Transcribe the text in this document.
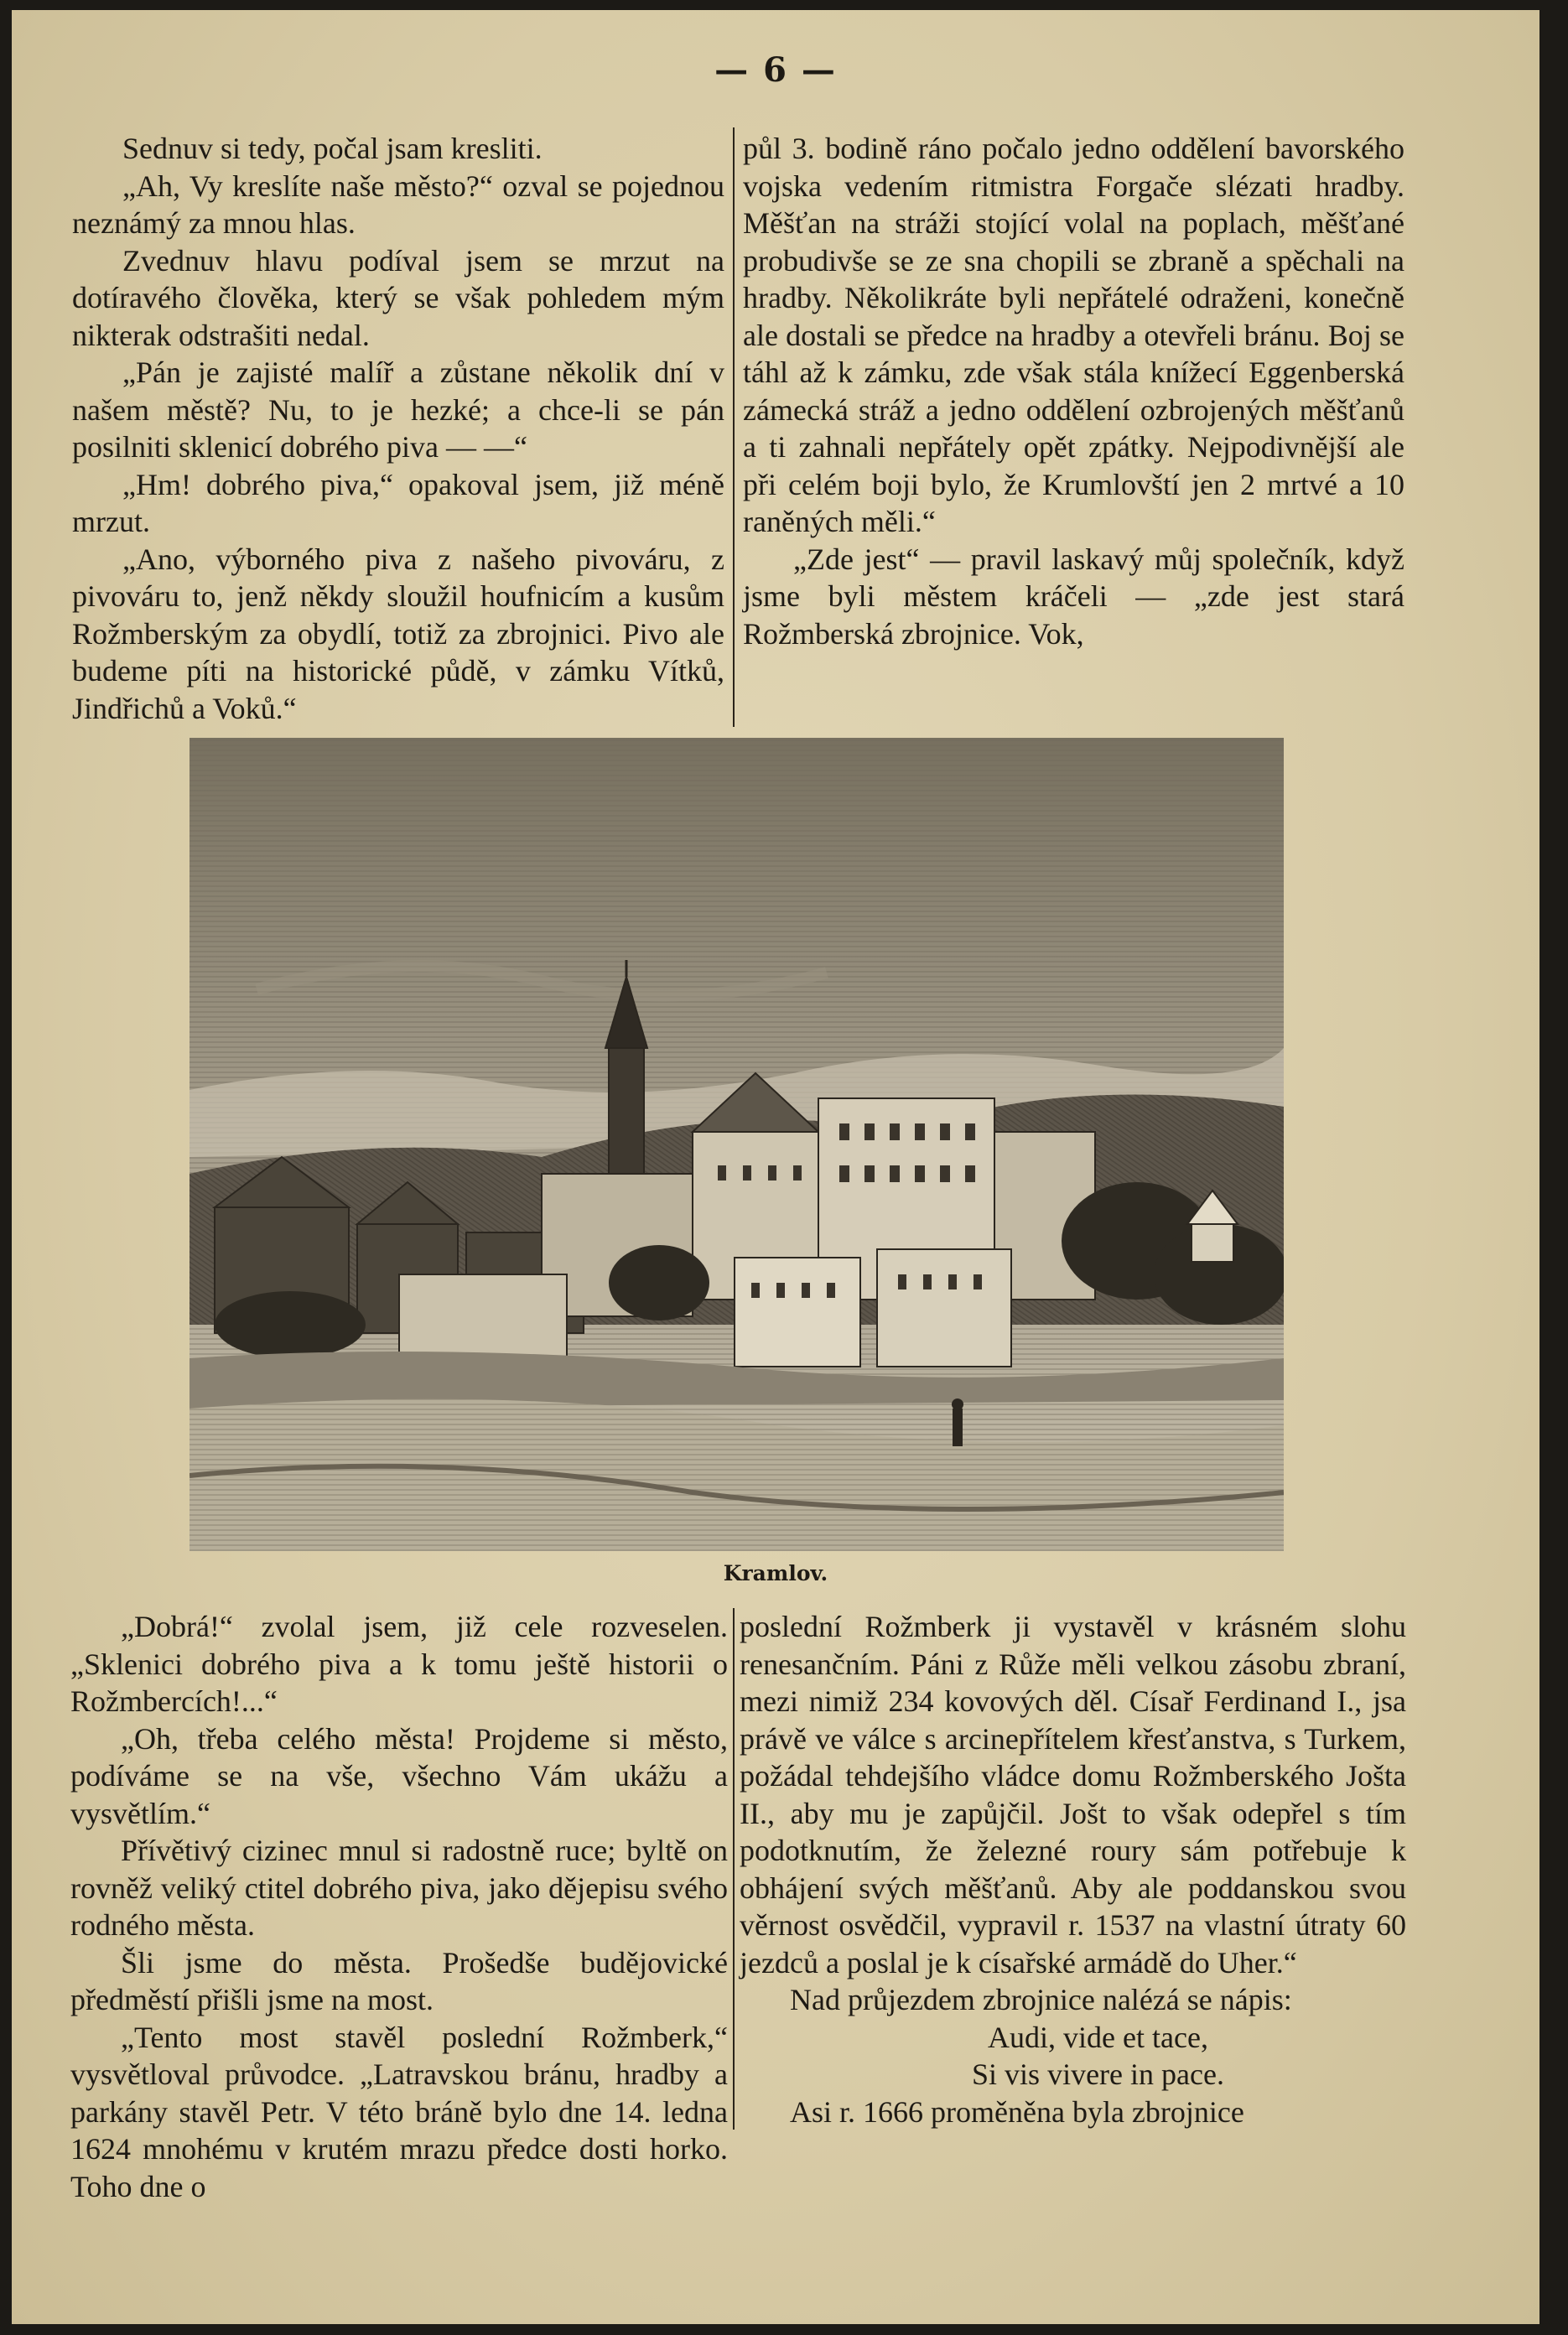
— 6 —

Sednuv si tedy, počal jsam kresliti.

„Ah, Vy kreslíte naše město?“ ozval se pojednou neznámý za mnou hlas.

Zvednuv hlavu podíval jsem se mrzut na dotíravého člověka, který se však pohledem mým nikterak odstrašiti nedal.

„Pán je zajisté malíř a zůstane několik dní v našem městě? Nu, to je hezké; a chce-li se pán posilniti sklenicí dobrého piva — —“

„Hm! dobrého piva,“ opakoval jsem, již méně mrzut.

„Ano, výborného piva z našeho pivováru, z pivováru to, jenž někdy sloužil houfnicím a kusům Rožmberským za obydlí, totiž za zbrojnici. Pivo ale budeme píti na historické půdě, v zámku Vítků, Jindřichů a Voků.“

půl 3. bodině ráno počalo jedno oddělení bavorského vojska vedením ritmistra Forgače slézati hradby. Měšťan na stráži stojící volal na poplach, měšťané probudivše se ze sna chopili se zbraně a spěchali na hradby. Několikráte byli nepřátelé odraženi, konečně ale dostali se předce na hradby a otevřeli bránu. Boj se táhl až k zámku, zde však stála knížecí Eggenberská zámecká stráž a jedno oddělení ozbrojených měšťanů a ti zahnali nepřátely opět zpátky. Nejpodivnější ale při celém boji bylo, že Krumlovští jen 2 mrtvé a 10 raněných měli.“

„Zde jest“ — pravil laskavý můj společník, když jsme byli městem kráčeli — „zde jest stará Rožmberská zbrojnice. Vok,

Kramlov.

„Dobrá!“ zvolal jsem, již cele rozveselen. „Sklenici dobrého piva a k tomu ještě historii o Rožmbercích!...“

„Oh, třeba celého města! Projdeme si město, podíváme se na vše, všechno Vám ukážu a vysvětlím.“

Přívětivý cizinec mnul si radostně ruce; byltě on rovněž veliký ctitel dobrého piva, jako dějepisu svého rodného města.

Šli jsme do města. Prošedše budějovické předměstí přišli jsme na most.

„Tento most stavěl poslední Rožmberk,“ vysvětloval průvodce. „Latravskou bránu, hradby a parkány stavěl Petr. V této bráně bylo dne 14. ledna 1624 mnohému v krutém mrazu předce dosti horko. Toho dne o

poslední Rožmberk ji vystavěl v krásném slohu renesančním. Páni z Růže měli velkou zásobu zbraní, mezi nimiž 234 kovových děl. Císař Ferdinand I., jsa právě ve válce s arcinepřítelem křesťanstva, s Turkem, požádal tehdejšího vládce domu Rožmberského Jošta II., aby mu je zapůjčil. Jošt to však odepřel s tím podotknutím, že železné roury sám potřebuje k obhájení svých měšťanů. Aby ale poddanskou svou věrnost osvědčil, vypravil r. 1537 na vlastní útraty 60 jezdců a poslal je k císařské armádě do Uher.“

Nad průjezdem zbrojnice nalézá se nápis:

Audi, vide et tace,

Si vis vivere in pace.

Asi r. 1666 proměněna byla zbrojnice
